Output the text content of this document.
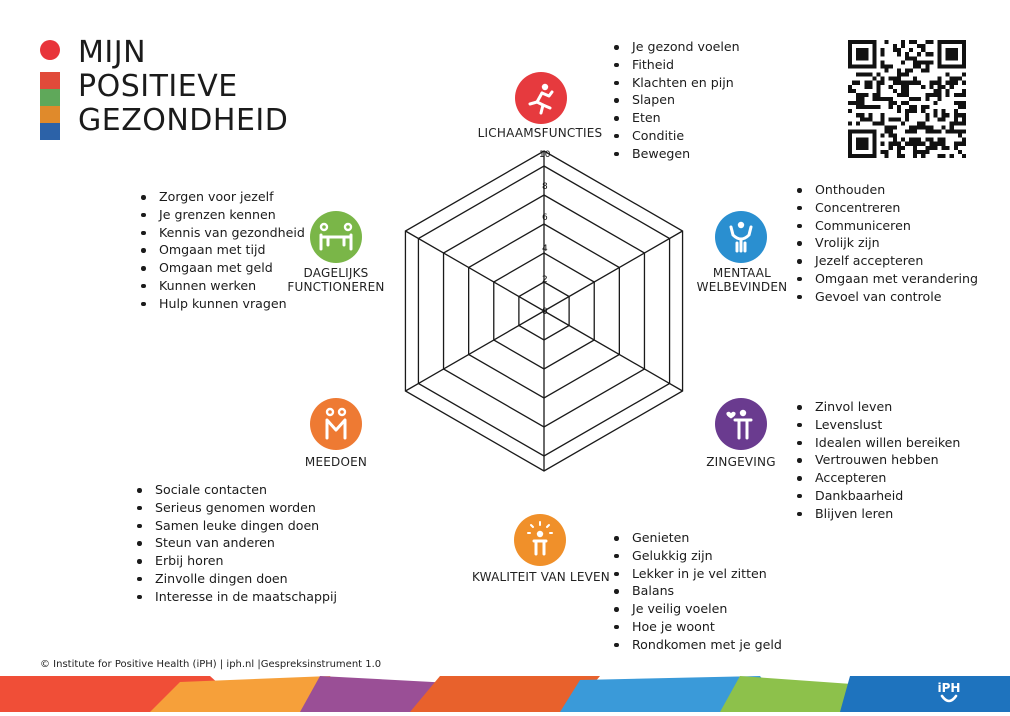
MIJN
POSITIEVE
GEZONDHEID
0
2
4
6
8
10
LICHAAMSFUNCTIES
Je gezond voelen
Fitheid
Klachten en pijn
Slapen
Eten
Conditie
Bewegen
MENTAAL
WELBEVINDEN
Onthouden
Concentreren
Communiceren
Vrolijk zijn
Jezelf accepteren
Omgaan met verandering
Gevoel van controle
ZINGEVING
Zinvol leven
Levenslust
Idealen willen bereiken
Vertrouwen hebben
Accepteren
Dankbaarheid
Blijven leren
KWALITEIT VAN LEVEN
Genieten
Gelukkig zijn
Lekker in je vel zitten
Balans
Je veilig voelen
Hoe je woont
Rondkomen met je geld
MEEDOEN
Sociale contacten
Serieus genomen worden
Samen leuke dingen doen
Steun van anderen
Erbij horen
Zinvolle dingen doen
Interesse in de maatschappij
DAGELIJKS
FUNCTIONEREN
Zorgen voor jezelf
Je grenzen kennen
Kennis van gezondheid
Omgaan met tijd
Omgaan met geld
Kunnen werken
Hulp kunnen vragen
© Institute for Positive Health (iPH) | iph.nl |Gespreksinstrument 1.0
iPH
